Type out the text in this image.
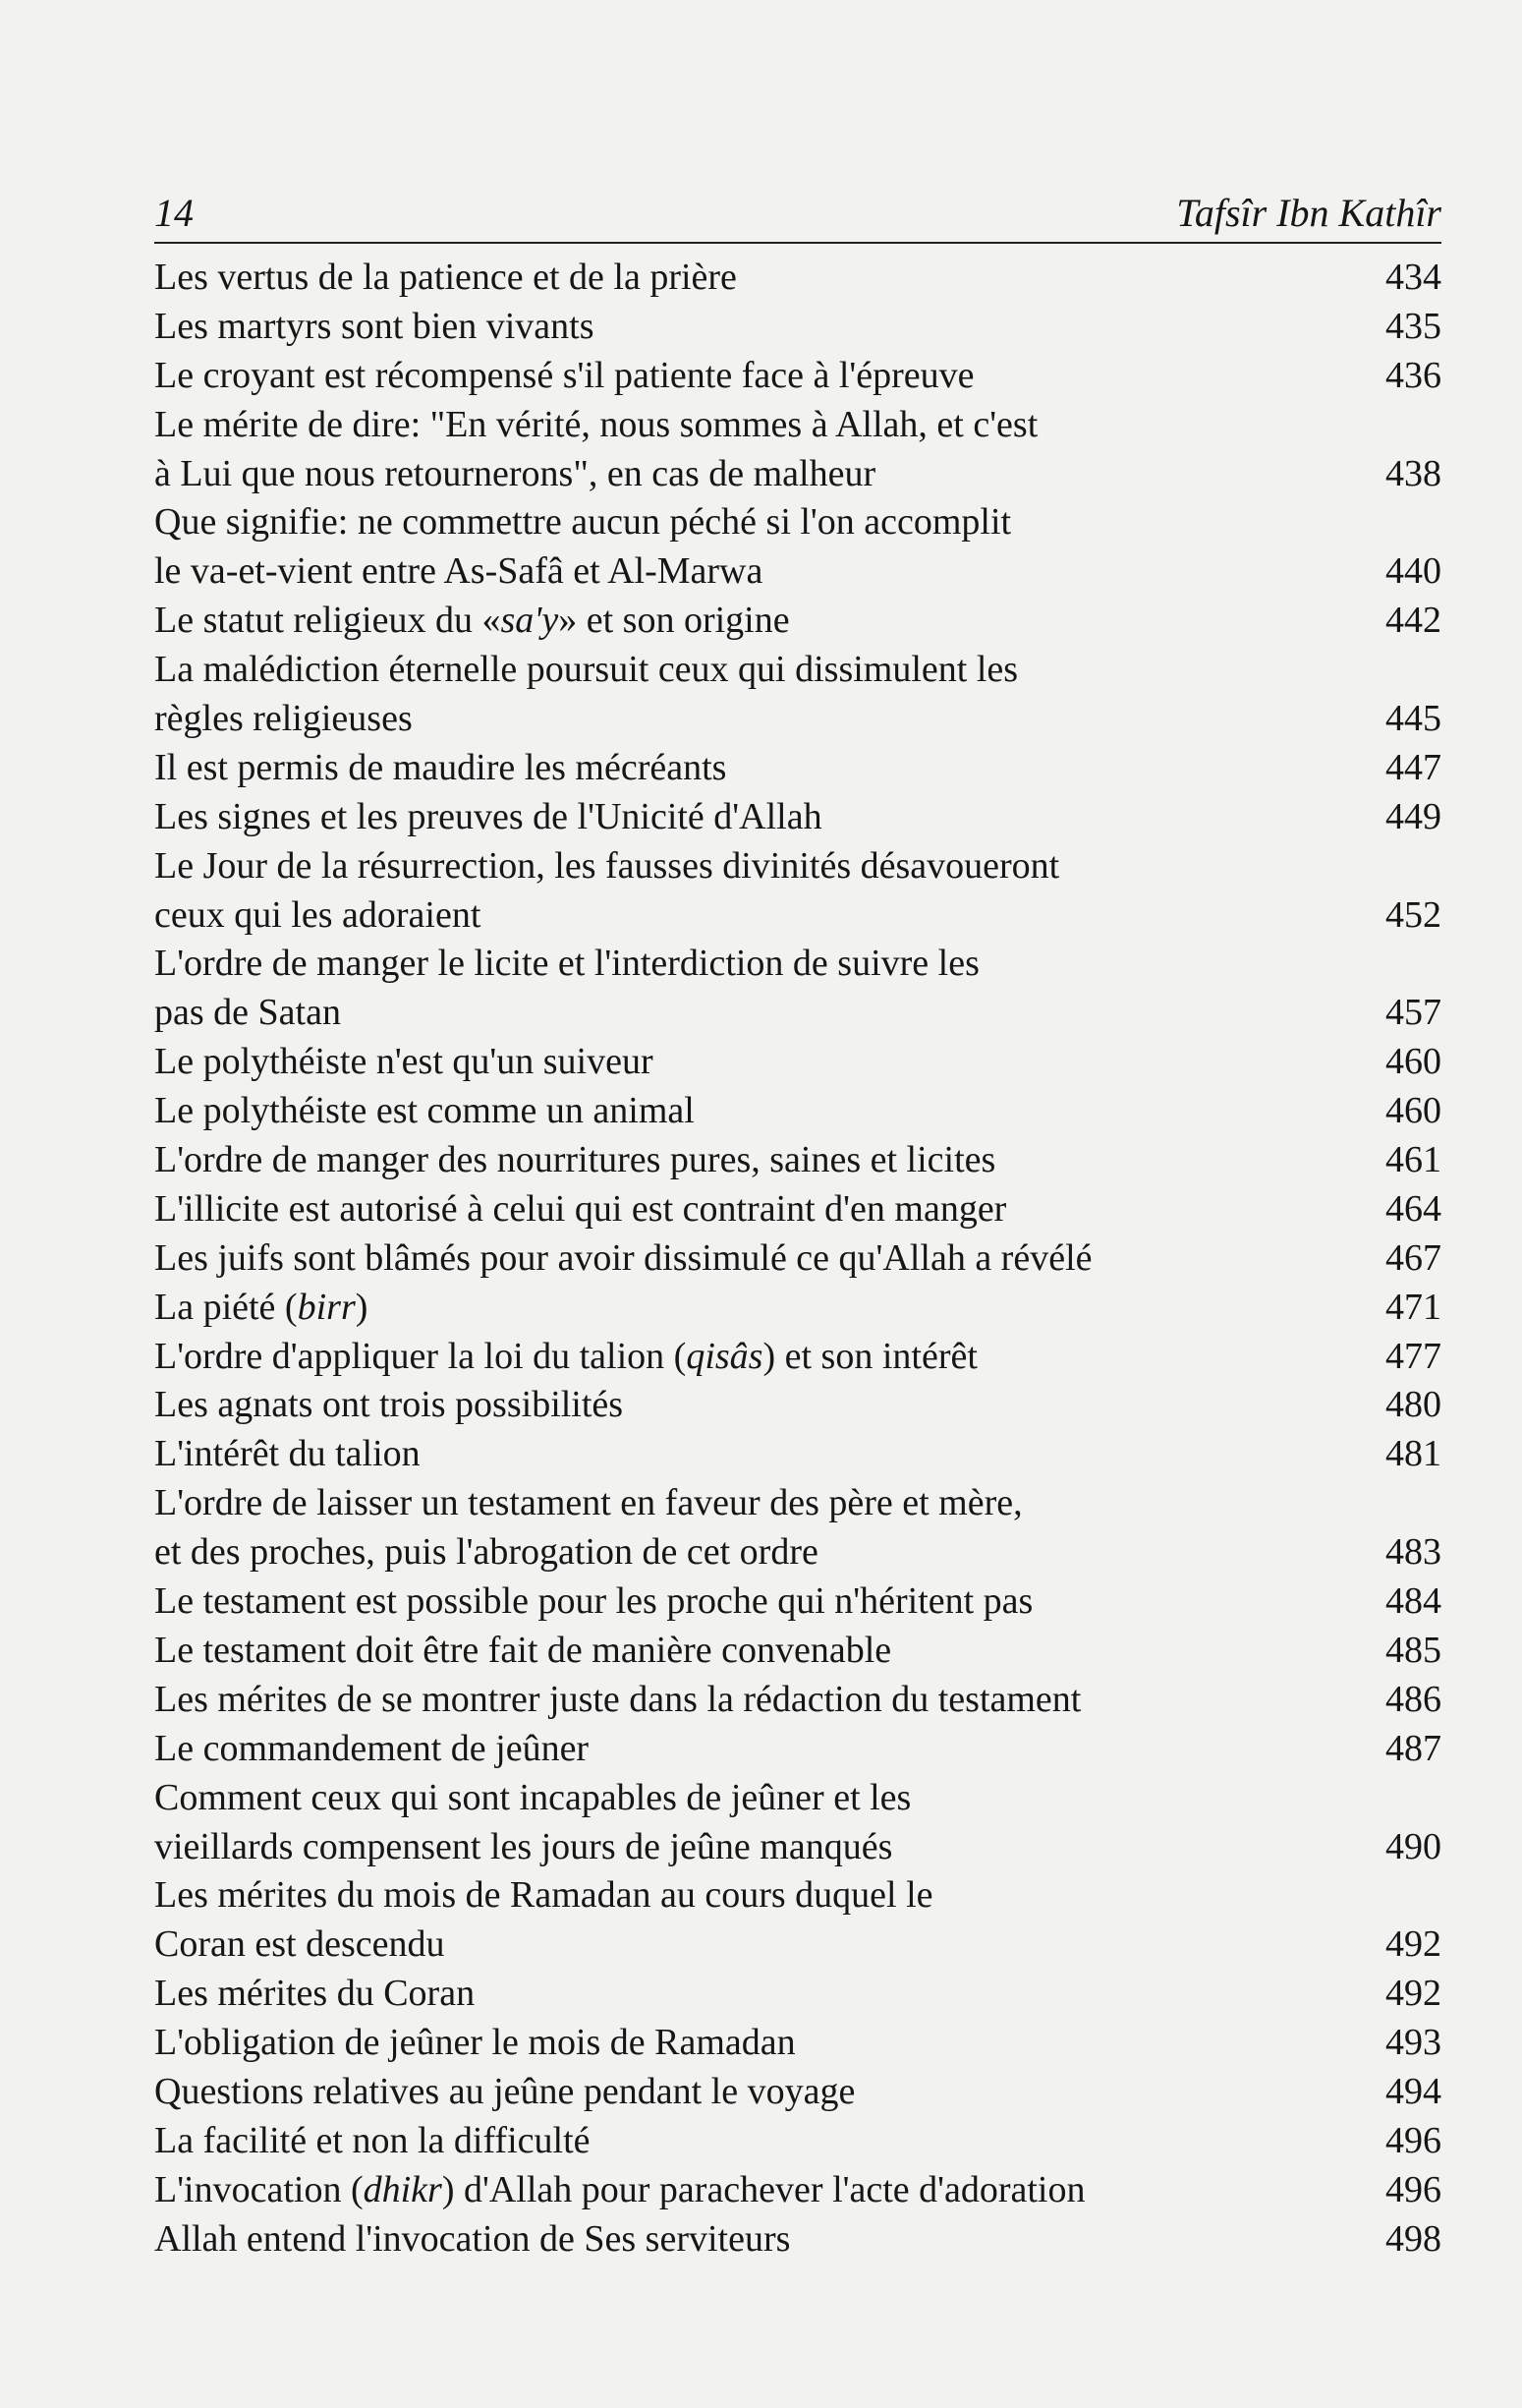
14	Tafsîr Ibn Kathîr
Les vertus de la patience et de la prière	434
Les martyrs sont bien vivants	435
Le croyant est récompensé s'il patiente face à l'épreuve	436
Le mérite de dire: "En vérité, nous sommes à Allah, et c'est
à Lui que nous retournerons", en cas de malheur	438
Que signifie: ne commettre aucun péché si l'on accomplit
le va-et-vient entre As-Safâ et Al-Marwa	440
Le statut religieux du «sa'y» et son origine	442
La malédiction éternelle poursuit ceux qui dissimulent les
règles religieuses	445
Il est permis de maudire les mécréants	447
Les signes et les preuves de l'Unicité d'Allah	449
Le Jour de la résurrection, les fausses divinités désavoueront
ceux qui les adoraient	452
L'ordre de manger le licite et l'interdiction de suivre les
pas de Satan	457
Le polythéiste n'est qu'un suiveur	460
Le polythéiste est comme un animal	460
L'ordre de manger des nourritures pures, saines et licites	461
L'illicite est autorisé à celui qui est contraint d'en manger	464
Les juifs sont blâmés pour avoir dissimulé ce qu'Allah a révélé	467
La piété (birr)	471
L'ordre d'appliquer la loi du talion (qisâs) et son intérêt	477
Les agnats ont trois possibilités	480
L'intérêt du talion	481
L'ordre de laisser un testament en faveur des père et mère,
et des proches, puis l'abrogation de cet ordre	483
Le testament est possible pour les proche qui n'héritent pas	484
Le testament doit être fait de manière convenable	485
Les mérites de se montrer juste dans la rédaction du testament	486
Le commandement de jeûner	487
Comment ceux qui sont incapables de jeûner et les
vieillards compensent les jours de jeûne manqués	490
Les mérites du mois de Ramadan au cours duquel le
Coran est descendu	492
Les mérites du Coran	492
L'obligation de jeûner le mois de Ramadan	493
Questions relatives au jeûne pendant le voyage	494
La facilité et non la difficulté	496
L'invocation (dhikr) d'Allah pour parachever l'acte d'adoration	496
Allah entend l'invocation de Ses serviteurs	498
